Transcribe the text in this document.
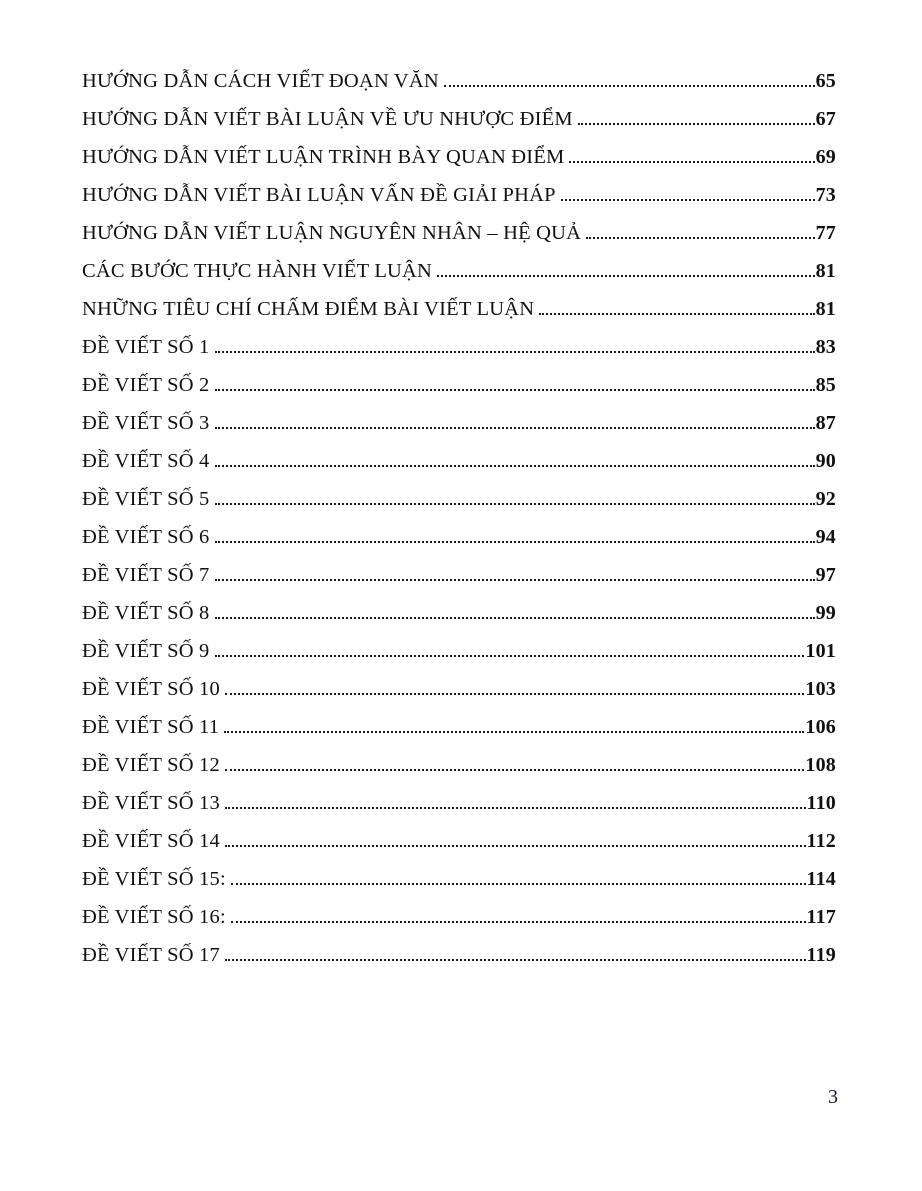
HƯỚNG DẪN CÁCH VIẾT ĐOẠN VĂN	65
HƯỚNG DẪN VIẾT BÀI LUẬN VỀ ƯU NHƯỢC ĐIỂM	67
HƯỚNG DẪN VIẾT LUẬN TRÌNH BÀY QUAN ĐIỂM	69
HƯỚNG DẪN VIẾT BÀI LUẬN VẤN ĐỀ GIẢI PHÁP	73
HƯỚNG DẪN VIẾT LUẬN NGUYÊN NHÂN – HỆ QUẢ	77
CÁC BƯỚC THỰC HÀNH VIẾT LUẬN	81
NHỮNG TIÊU CHÍ CHẤM ĐIỂM BÀI VIẾT LUẬN	81
ĐỀ VIẾT SỐ 1	83
ĐỀ VIẾT SỐ 2	85
ĐỀ VIẾT SỐ 3	87
ĐỀ VIẾT SỐ 4	90
ĐỀ VIẾT SỐ 5	92
ĐỀ VIẾT SỐ 6	94
ĐỀ VIẾT SỐ 7	97
ĐỀ VIẾT SỐ 8	99
ĐỀ VIẾT SỐ 9	101
ĐỀ VIẾT SỐ 10	103
ĐỀ VIẾT SỐ 11	106
ĐỀ VIẾT SỐ 12	108
ĐỀ VIẾT SỐ 13	110
ĐỀ VIẾT SỐ 14	112
ĐỀ VIẾT SỐ 15:	114
ĐỀ VIẾT SỐ 16:	117
ĐỀ VIẾT SỐ 17	119
3
